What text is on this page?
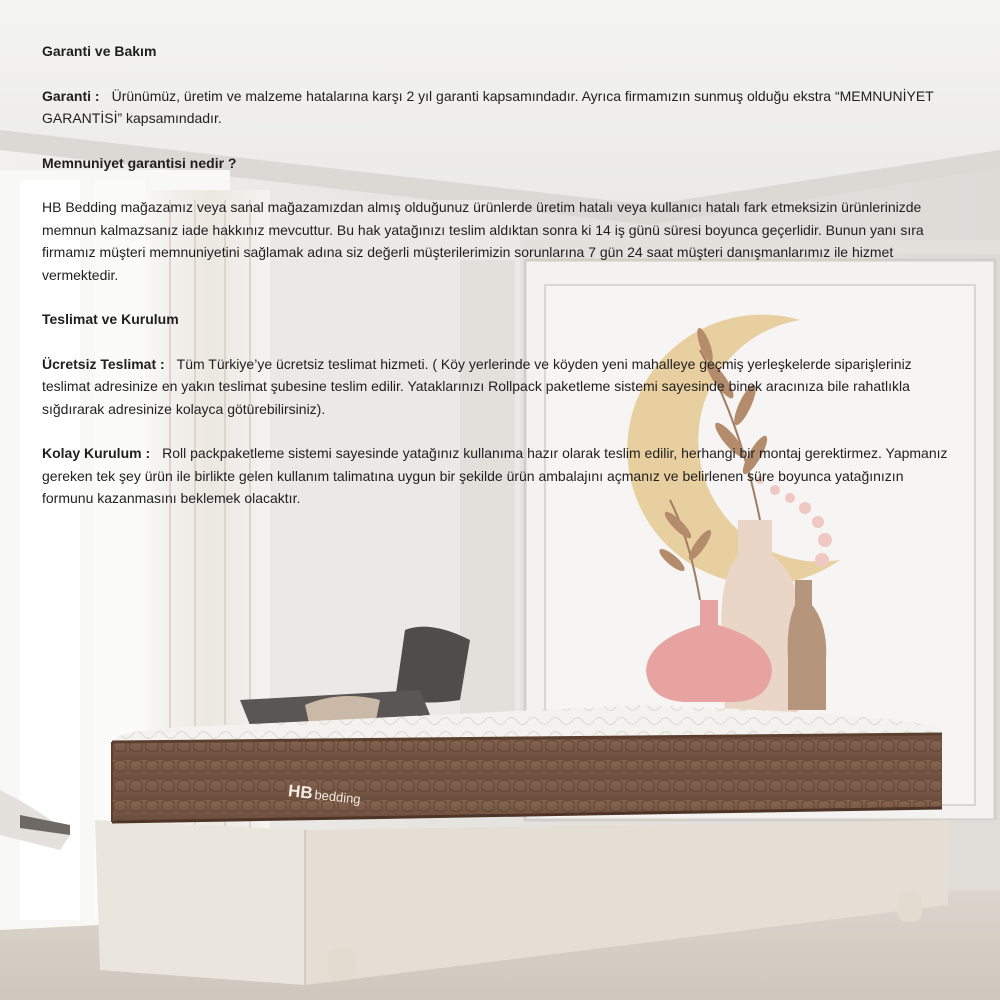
HBbedding
Garanti ve Bakım

Garanti : Ürünümüz, üretim ve malzeme hatalarına karşı 2 yıl garanti kapsamındadır. Ayrıca firmamızın sunmuş olduğu ekstra “MEMNUNİYET GARANTİSİ” kapsamındadır.

Memnuniyet garantisi nedir ?

HB Bedding mağazamız veya sanal mağazamızdan almış olduğunuz ürünlerde üretim hatalı veya kullanıcı hatalı fark etmeksizin ürünlerinizde memnun kalmazsanız iade hakkınız mevcuttur. Bu hak yatağınızı teslim aldıktan sonra ki 14 iş günü süresi boyunca geçerlidir. Bunun yanı sıra firmamız müşteri memnuniyetini sağlamak adına siz değerli müşterilerimizin sorunlarına 7 gün 24 saat müşteri danışmanlarımız ile hizmet vermektedir.

Teslimat ve Kurulum

Ücretsiz Teslimat : Tüm Türkiye’ye ücretsiz teslimat hizmeti. ( Köy yerlerinde ve köyden yeni mahalleye geçmiş yerleşkelerde siparişleriniz teslimat adresinize en yakın teslimat şubesine teslim edilir. Yataklarınızı Rollpack paketleme sistemi sayesinde binek aracınıza bile rahatlıkla sığdırarak adresinize kolayca götürebilirsiniz).

Kolay Kurulum : Roll packpaketleme sistemi sayesinde yatağınız kullanıma hazır olarak teslim edilir, herhangi bir montaj gerektirmez. Yapmanız gereken tek şey ürün ile birlikte gelen kullanım talimatına uygun bir şekilde ürün ambalajını açmanız ve belirlenen süre boyunca yatağınızın formunu kazanmasını beklemek olacaktır.
